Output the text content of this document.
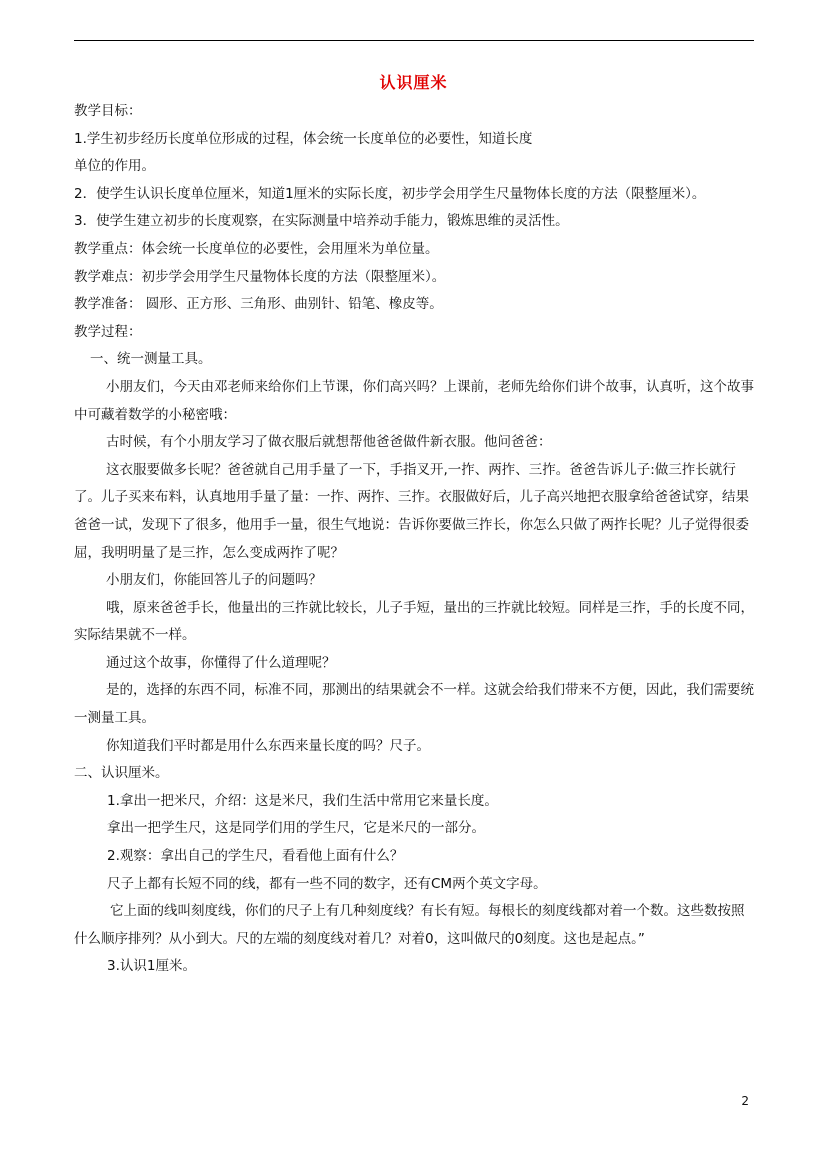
认识厘米

教学目标：

1.学生初步经历长度单位形成的过程，体会统一长度单位的必要性，知道长度

单位的作用。

2．使学生认识长度单位厘米，知道1厘米的实际长度，初步学会用学生尺量物体长度的方法（限整厘米）。

3．使学生建立初步的长度观察，在实际测量中培养动手能力，锻炼思维的灵活性。

教学重点：体会统一长度单位的必要性，会用厘米为单位量。

教学难点：初步学会用学生尺量物体长度的方法（限整厘米）。

教学准备： 圆形、正方形、三角形、曲别针、铅笔、橡皮等。

教学过程：

一、统一测量工具。

小朋友们，今天由邓老师来给你们上节课，你们高兴吗？上课前，老师先给你们讲个故事，认真听，这个故事中可藏着数学的小秘密哦：

古时候，有个小朋友学习了做衣服后就想帮他爸爸做件新衣服。他问爸爸：

这衣服要做多长呢？爸爸就自己用手量了一下，手指叉开,一拃、两拃、三拃。爸爸告诉儿子:做三拃长就行了。儿子买来布料，认真地用手量了量：一拃、两拃、三拃。衣服做好后，儿子高兴地把衣服拿给爸爸试穿，结果爸爸一试，发现下了很多，他用手一量，很生气地说：告诉你要做三拃长，你怎么只做了两拃长呢？儿子觉得很委屈，我明明量了是三拃，怎么变成两拃了呢？

小朋友们，你能回答儿子的问题吗？

哦，原来爸爸手长，他量出的三拃就比较长，儿子手短，量出的三拃就比较短。同样是三拃，手的长度不同，实际结果就不一样。

通过这个故事，你懂得了什么道理呢？

是的，选择的东西不同，标准不同，那测出的结果就会不一样。这就会给我们带来不方便，因此，我们需要统一测量工具。

你知道我们平时都是用什么东西来量长度的吗？尺子。

二、认识厘米。

1.拿出一把米尺，介绍：这是米尺，我们生活中常用它来量长度。

拿出一把学生尺，这是同学们用的学生尺，它是米尺的一部分。

2.观察：拿出自己的学生尺，看看他上面有什么？

尺子上都有长短不同的线，都有一些不同的数字，还有CM两个英文字母。

它上面的线叫刻度线，你们的尺子上有几种刻度线？有长有短。每根长的刻度线都对着一个数。这些数按照什么顺序排列？从小到大。尺的左端的刻度线对着几？对着0，这叫做尺的0刻度。这也是起点。”

3.认识1厘米。

2
